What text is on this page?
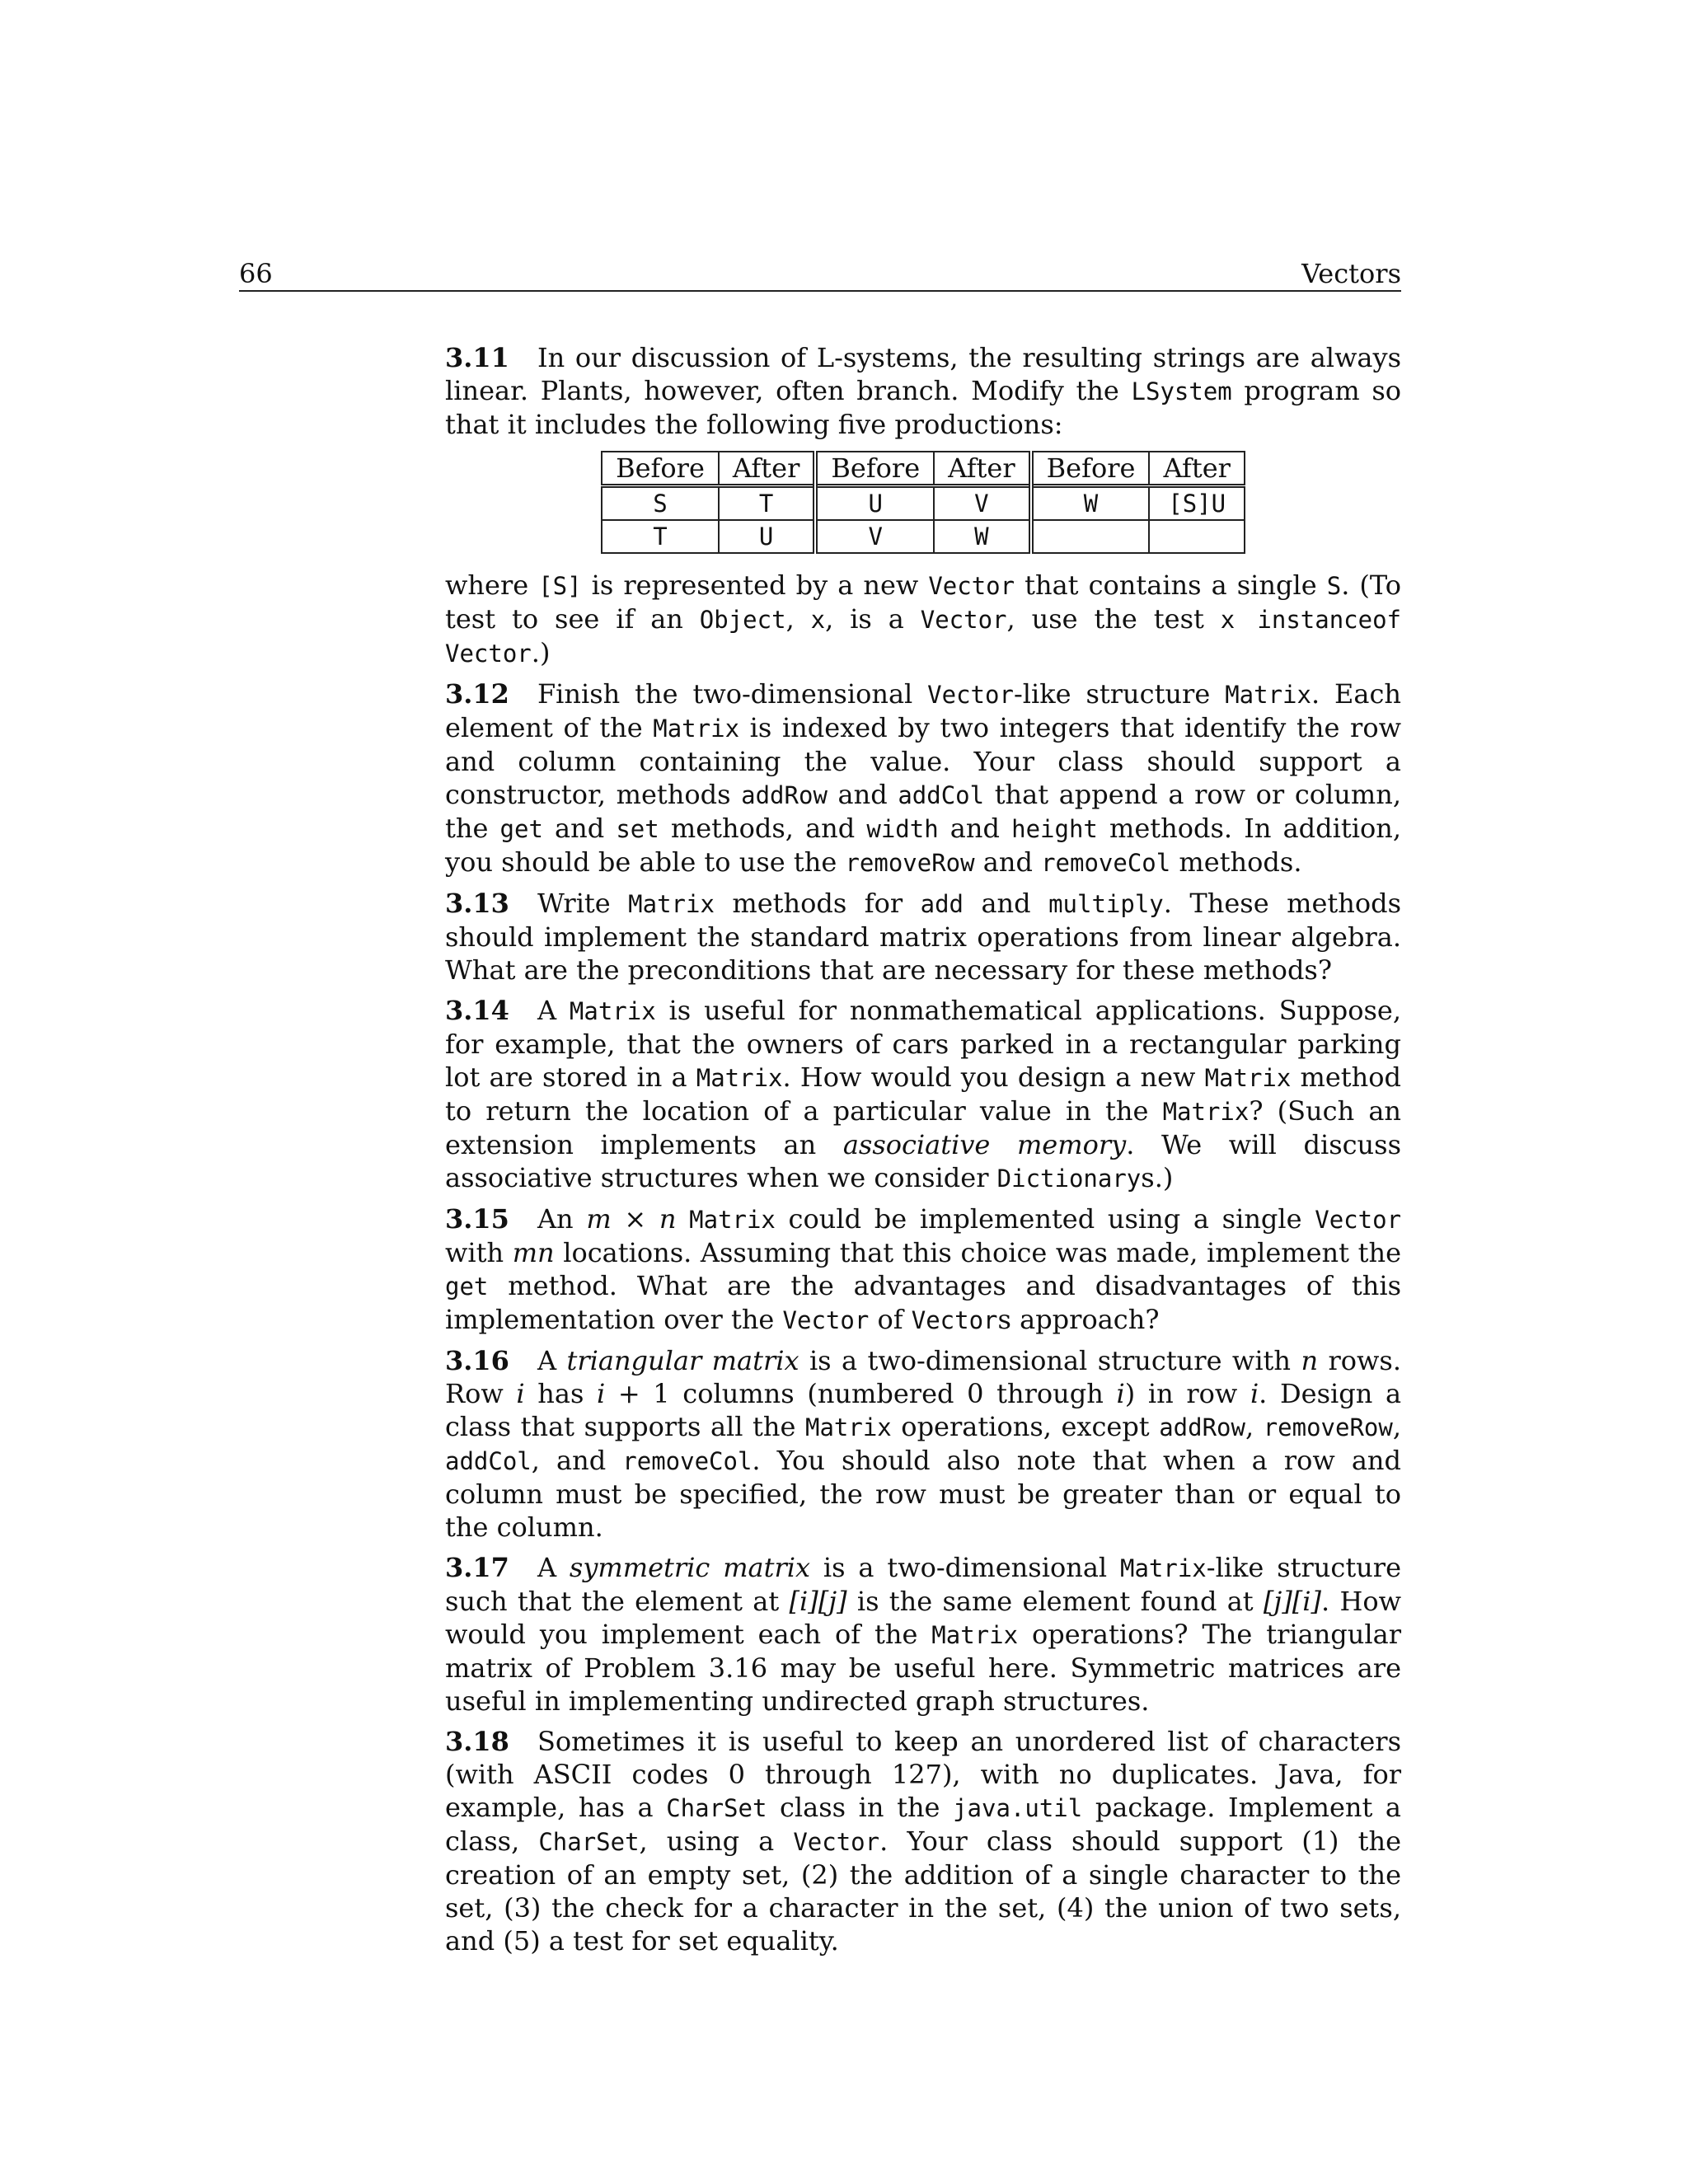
66	Vectors

3.11 In our discussion of L-systems, the resulting strings are always linear. Plants, however, often branch. Modify the LSystem program so that it includes the following five productions:

Before	After	Before	After	Before	After
S	T	U	V	W	[S]U
T	U	V	W		

where [S] is represented by a new Vector that contains a single S. (To test to see if an Object, x, is a Vector, use the test x instanceof Vector.)

3.12 Finish the two-dimensional Vector-like structure Matrix. Each element of the Matrix is indexed by two integers that identify the row and column containing the value. Your class should support a constructor, methods addRow and addCol that append a row or column, the get and set methods, and width and height methods. In addition, you should be able to use the removeRow and removeCol methods.

3.13 Write Matrix methods for add and multiply. These methods should implement the standard matrix operations from linear algebra. What are the preconditions that are necessary for these methods?

3.14 A Matrix is useful for nonmathematical applications. Suppose, for example, that the owners of cars parked in a rectangular parking lot are stored in a Matrix. How would you design a new Matrix method to return the location of a particular value in the Matrix? (Such an extension implements an associative memory. We will discuss associative structures when we consider Dictionarys.)

3.15 An m × n Matrix could be implemented using a single Vector with mn locations. Assuming that this choice was made, implement the get method. What are the advantages and disadvantages of this implementation over the Vector of Vectors approach?

3.16 A triangular matrix is a two-dimensional structure with n rows. Row i has i + 1 columns (numbered 0 through i) in row i. Design a class that supports all the Matrix operations, except addRow, removeRow, addCol, and removeCol. You should also note that when a row and column must be specified, the row must be greater than or equal to the column.

3.17 A symmetric matrix is a two-dimensional Matrix-like structure such that the element at [i][j] is the same element found at [j][i]. How would you implement each of the Matrix operations? The triangular matrix of Problem 3.16 may be useful here. Symmetric matrices are useful in implementing undirected graph structures.

3.18 Sometimes it is useful to keep an unordered list of characters (with ASCII codes 0 through 127), with no duplicates. Java, for example, has a CharSet class in the java.util package. Implement a class, CharSet, using a Vector. Your class should support (1) the creation of an empty set, (2) the addition of a single character to the set, (3) the check for a character in the set, (4) the union of two sets, and (5) a test for set equality.
